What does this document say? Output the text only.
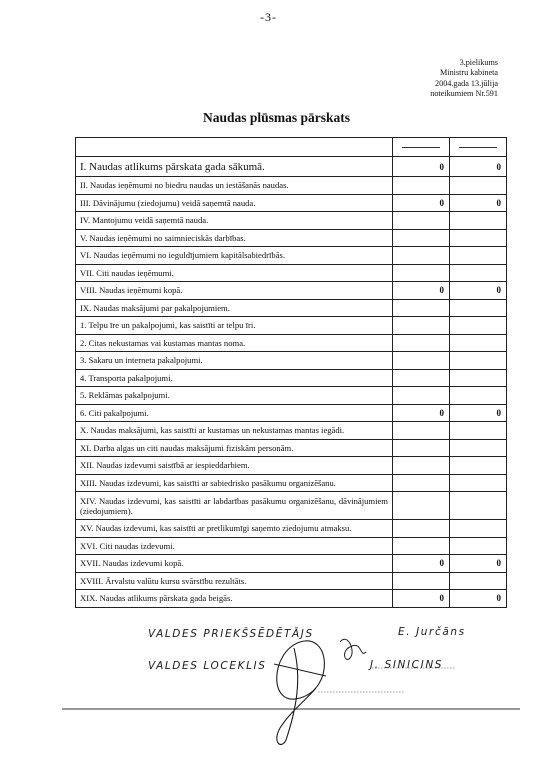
-3-
3.pielikums
Ministru kabineta
2004.gada 13.jūlija
noteikumiem Nr.591
Naudas plūsmas pārskats

I. Naudas atlikums pārskata gada sākumā.	0	0
II. Naudas ieņēmumi no biedru naudas un iestāšanās naudas.		
III. Dāvinājumu (ziedojumu) veidā saņemtā nauda.	0	0
IV. Mantojumu veidā saņemtā nauda.		
V. Naudas ieņēmumi no saimnieciskās darbības.		
VI. Naudas ieņēmumi no ieguldījumiem kapitālsabiedrībās.		
VII. Citi naudas ieņēmumi.		
VIII. Naudas ieņēmumi kopā.	0	0
IX. Naudas maksājumi par pakalpojumiem.		
1. Telpu īre un pakalpojumi, kas saistīti ar telpu īri.		
2. Citas nekustamas vai kustamas mantas noma.		
3. Sakaru un interneta pakalpojumi.		
4. Transporta pakalpojumi.		
5. Reklāmas pakalpojumi.		
6. Citi pakalpojumi.	0	0
X. Naudas maksājumi, kas saistīti ar kustamas un nekustamas mantas iegādi.		
XI. Darba algas un citi naudas maksājumi fiziskām personām.		
XII. Naudas izdevumi saistībā ar iespieddarbiem.		
XIII. Naudas izdevumi, kas saistīti ar sabiedrisko pasākumu organizēšanu.		
XIV. Naudas izdevumi, kas saistīti ar labdarības pasākumu organizēšanu, dāvinājumiem (ziedojumiem).		
XV. Naudas izdevumi, kas saistīti ar pretlikumīgi saņemto ziedojumu atmaksu.		
XVI. Citi naudas izdevumi.		
XVII. Naudas izdevumi kopā.	0	0
XVIII. Ārvalstu valūtu kursu svārstību rezultāts.		
XIX. Naudas atlikums pārskata gada beigās.	0	0
VALDES PRIEKŠSĒDĒTĀJS	E. Jurčāns
VALDES LOCEKLIS	J. SINICINS
